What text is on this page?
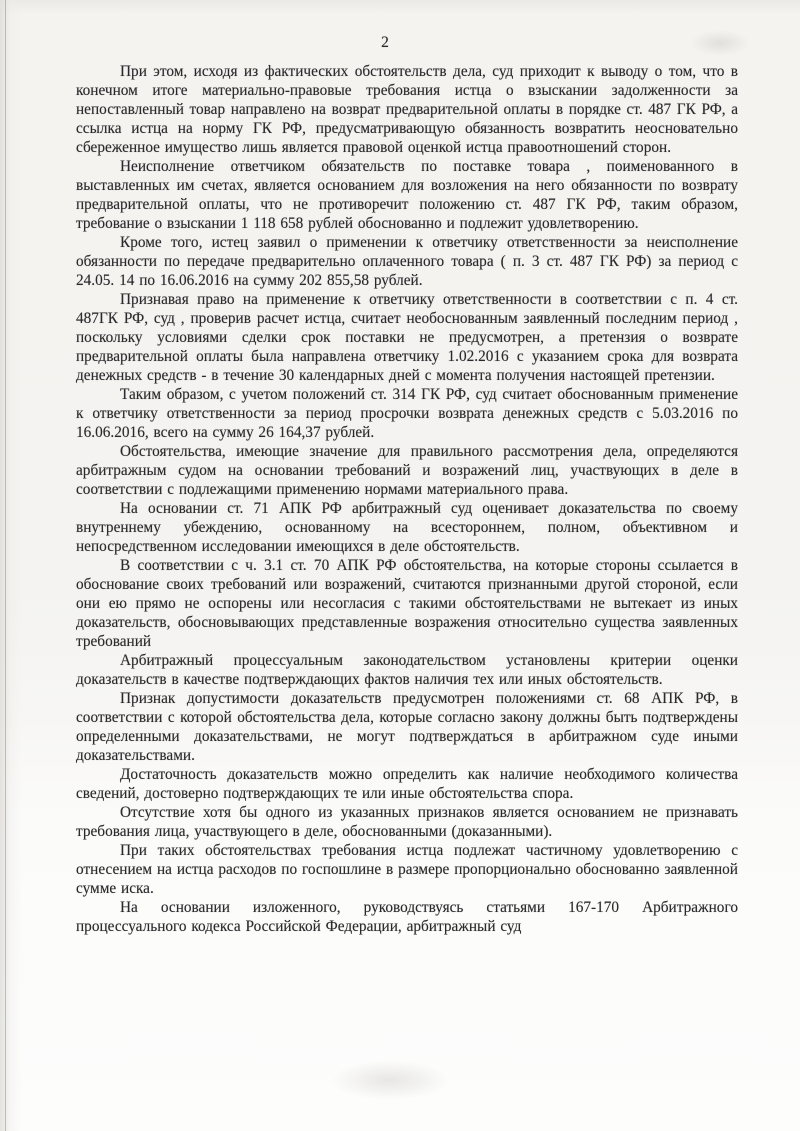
2

При этом, исходя из фактических обстоятельств дела, суд приходит к выводу о том, что в конечном итоге материально-правовые требования истца о взыскании задолженности за непоставленный товар направлено на возврат предварительной оплаты в порядке ст. 487 ГК РФ, а ссылка истца на норму ГК РФ, предусматривающую обязанность возвратить неосновательно сбереженное имущество лишь является правовой оценкой истца правоотношений сторон.

Неисполнение ответчиком обязательств по поставке товара , поименованного в выставленных им счетах, является основанием для возложения на него обязанности по возврату предварительной оплаты, что не противоречит положению ст. 487 ГК РФ, таким образом, требование о взыскании 1 118 658 рублей обоснованно и подлежит удовлетворению.

Кроме того, истец заявил о применении к ответчику ответственности за неисполнение обязанности по передаче предварительно оплаченного товара ( п. 3 ст. 487 ГК РФ) за период с 24.05. 14 по 16.06.2016 на сумму 202 855,58 рублей.

Признавая право на применение к ответчику ответственности в соответствии с п. 4 ст. 487ГК РФ, суд , проверив расчет истца, считает необоснованным заявленный последним период , поскольку условиями сделки срок поставки не предусмотрен, а претензия о возврате предварительной оплаты была направлена ответчику 1.02.2016 с указанием срока для возврата денежных средств - в течение 30 календарных дней с момента получения настоящей претензии.

Таким образом, с учетом положений ст. 314 ГК РФ, суд считает обоснованным применение к ответчику ответственности за период просрочки возврата денежных средств с 5.03.2016 по 16.06.2016, всего на сумму 26 164,37 рублей.

Обстоятельства, имеющие значение для правильного рассмотрения дела, определяются арбитражным судом на основании требований и возражений лиц, участвующих в деле в соответствии с подлежащими применению нормами материального права.

На основании ст. 71 АПК РФ арбитражный суд оценивает доказательства по своему внутреннему убеждению, основанному на всестороннем, полном, объективном и непосредственном исследовании имеющихся в деле обстоятельств.

В соответствии с ч. 3.1 ст. 70 АПК РФ обстоятельства, на которые стороны ссылается в обоснование своих требований или возражений, считаются признанными другой стороной, если они ею прямо не оспорены или несогласия с такими обстоятельствами не вытекает из иных доказательств, обосновывающих представленные возражения относительно существа заявленных требований

Арбитражный процессуальным законодательством установлены критерии оценки доказательств в качестве подтверждающих фактов наличия тех или иных обстоятельств.

Признак допустимости доказательств предусмотрен положениями ст. 68 АПК РФ, в соответствии с которой обстоятельства дела, которые согласно закону должны быть подтверждены определенными доказательствами, не могут подтверждаться в арбитражном суде иными доказательствами.

Достаточность доказательств можно определить как наличие необходимого количества сведений, достоверно подтверждающих те или иные обстоятельства спора.

Отсутствие хотя бы одного из указанных признаков является основанием не признавать требования лица, участвующего в деле, обоснованными (доказанными).

При таких обстоятельствах требования истца подлежат частичному удовлетворению с отнесением на истца расходов по госпошлине в размере пропорционально обоснованно заявленной сумме иска.

На основании изложенного, руководствуясь статьями 167-170 Арбитражного процессуального кодекса Российской Федерации, арбитражный суд
